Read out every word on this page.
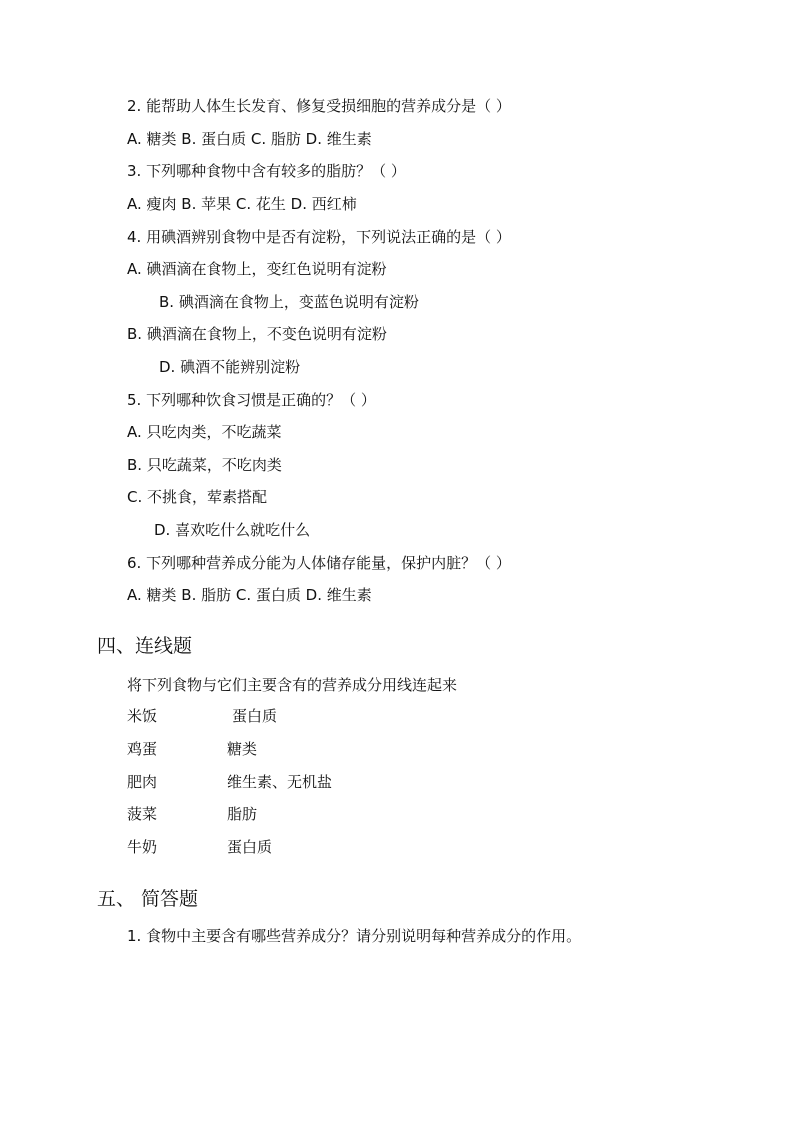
2. 能帮助人体生长发育、修复受损细胞的营养成分是（ ）
A. 糖类 B. 蛋白质 C. 脂肪 D. 维生素
3. 下列哪种食物中含有较多的脂肪？（ ）
A. 瘦肉 B. 苹果 C. 花生 D. 西红柿
4. 用碘酒辨别食物中是否有淀粉，下列说法正确的是（ ）
A. 碘酒滴在食物上，变红色说明有淀粉
B. 碘酒滴在食物上，变蓝色说明有淀粉
B. 碘酒滴在食物上，不变色说明有淀粉
D. 碘酒不能辨别淀粉
5. 下列哪种饮食习惯是正确的？（ ）
A. 只吃肉类，不吃蔬菜
B. 只吃蔬菜，不吃肉类
C. 不挑食，荤素搭配
D. 喜欢吃什么就吃什么
6. 下列哪种营养成分能为人体储存能量，保护内脏？（ ）
A. 糖类 B. 脂肪 C. 蛋白质 D. 维生素
四、连线题
将下列食物与它们主要含有的营养成分用线连起来
米饭	蛋白质
鸡蛋	糖类
肥肉	维生素、无机盐
菠菜	脂肪
牛奶	蛋白质
五、 简答题
1. 食物中主要含有哪些营养成分？请分别说明每种营养成分的作用。
